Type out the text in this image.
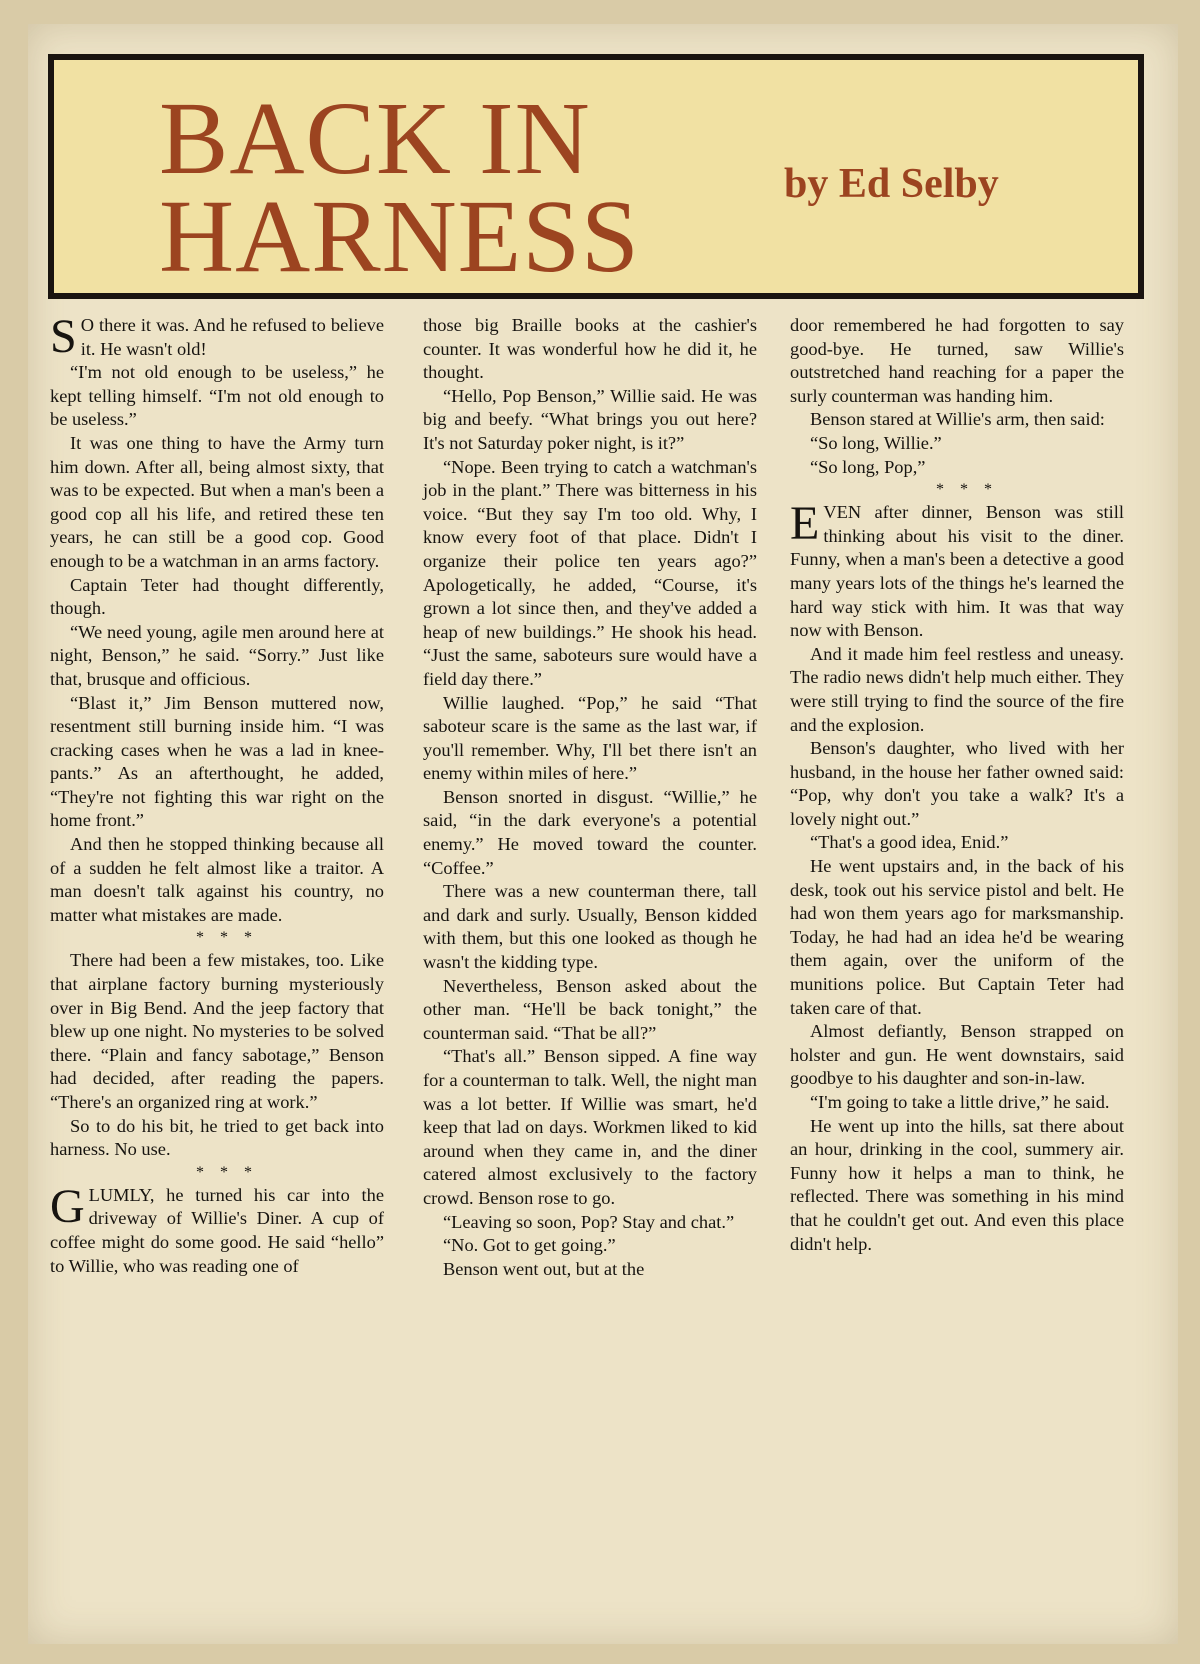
BACK IN
HARNESS	by Ed Selby

S O there it was. And he refused to believe it. He wasn't old!

“I'm not old enough to be useless,” he kept telling himself. “I'm not old enough to be useless.”

It was one thing to have the Army turn him down. After all, being almost sixty, that was to be expected. But when a man's been a good cop all his life, and retired these ten years, he can still be a good cop. Good enough to be a watchman in an arms factory.

Captain Teter had thought differently, though.

“We need young, agile men around here at night, Benson,” he said. “Sorry.” Just like that, brusque and officious.

“Blast it,” Jim Benson muttered now, resentment still burning inside him. “I was cracking cases when he was a lad in knee-pants.” As an afterthought, he added, “They're not fighting this war right on the home front.”

And then he stopped thinking because all of a sudden he felt almost like a traitor. A man doesn't talk against his country, no matter what mistakes are made.

* * *

There had been a few mistakes, too. Like that airplane factory burning mysteriously over in Big Bend. And the jeep factory that blew up one night. No mysteries to be solved there. “Plain and fancy sabotage,” Benson had decided, after reading the papers. “There's an organized ring at work.”

So to do his bit, he tried to get back into harness. No use.

* * *

GLUMLY, he turned his car into the driveway of Willie's Diner. A cup of coffee might do some good. He said “hello” to Willie, who was reading one of

those big Braille books at the cashier's counter. It was wonderful how he did it, he thought.

“Hello, Pop Benson,” Willie said. He was big and beefy. “What brings you out here? It's not Saturday poker night, is it?”

“Nope. Been trying to catch a watchman's job in the plant.” There was bitterness in his voice. “But they say I'm too old. Why, I know every foot of that place. Didn't I organize their police ten years ago?” Apologetically, he added, “Course, it's grown a lot since then, and they've added a heap of new buildings.” He shook his head. “Just the same, saboteurs sure would have a field day there.”

Willie laughed. “Pop,” he said “That saboteur scare is the same as the last war, if you'll remember. Why, I'll bet there isn't an enemy within miles of here.”

Benson snorted in disgust. “Willie,” he said, “in the dark everyone's a potential enemy.” He moved toward the counter. “Coffee.”

There was a new counterman there, tall and dark and surly. Usually, Benson kidded with them, but this one looked as though he wasn't the kidding type.

Nevertheless, Benson asked about the other man. “He'll be back tonight,” the counterman said. “That be all?”

“That's all.” Benson sipped. A fine way for a counterman to talk. Well, the night man was a lot better. If Willie was smart, he'd keep that lad on days. Workmen liked to kid around when they came in, and the diner catered almost exclusively to the factory crowd. Benson rose to go.

“Leaving so soon, Pop? Stay and chat.”

“No. Got to get going.”

Benson went out, but at the

door remembered he had forgotten to say good-bye. He turned, saw Willie's outstretched hand reaching for a paper the surly counterman was handing him.

Benson stared at Willie's arm, then said:

“So long, Willie.”

“So long, Pop,”

* * *

EVEN after dinner, Benson was still thinking about his visit to the diner. Funny, when a man's been a detective a good many years lots of the things he's learned the hard way stick with him. It was that way now with Benson.

And it made him feel restless and uneasy. The radio news didn't help much either. They were still trying to find the source of the fire and the explosion.

Benson's daughter, who lived with her husband, in the house her father owned said: “Pop, why don't you take a walk? It's a lovely night out.”

“That's a good idea, Enid.”

He went upstairs and, in the back of his desk, took out his service pistol and belt. He had won them years ago for marksmanship. Today, he had had an idea he'd be wearing them again, over the uniform of the munitions police. But Captain Teter had taken care of that.

Almost defiantly, Benson strapped on holster and gun. He went downstairs, said goodbye to his daughter and son-in-law.

“I'm going to take a little drive,” he said.

He went up into the hills, sat there about an hour, drinking in the cool, summery air. Funny how it helps a man to think, he reflected. There was something in his mind that he couldn't get out. And even this place didn't help.
